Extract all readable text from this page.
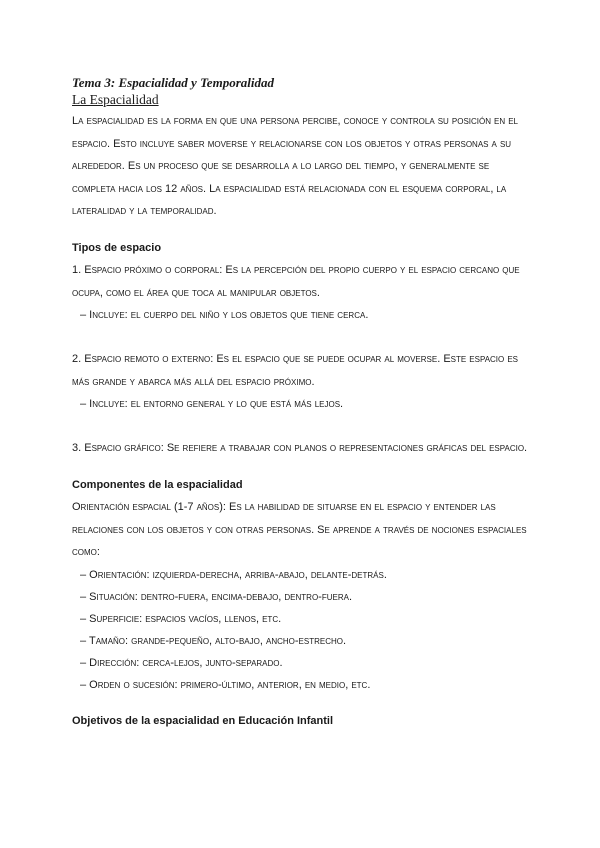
Tema 3: Espacialidad y Temporalidad

La Espacialidad

La espacialidad es la forma en que una persona percibe, conoce y controla su posición en el espacio. Esto incluye saber moverse y relacionarse con los objetos y otras personas a su alrededor. Es un proceso que se desarrolla a lo largo del tiempo, y generalmente se completa hacia los 12 años. La espacialidad está relacionada con el esquema corporal, la lateralidad y la temporalidad.

Tipos de espacio

1. Espacio próximo o corporal: Es la percepción del propio cuerpo y el espacio cercano que ocupa, como el área que toca al manipular objetos.

– Incluye: el cuerpo del niño y los objetos que tiene cerca.

2. Espacio remoto o externo: Es el espacio que se puede ocupar al moverse. Este espacio es más grande y abarca más allá del espacio próximo.

– Incluye: el entorno general y lo que está más lejos.

3. Espacio gráfico: Se refiere a trabajar con planos o representaciones gráficas del espacio.

Componentes de la espacialidad

Orientación espacial (1-7 años): Es la habilidad de situarse en el espacio y entender las relaciones con los objetos y con otras personas. Se aprende a través de nociones espaciales como:

– Orientación: izquierda-derecha, arriba-abajo, delante-detrás.

– Situación: dentro-fuera, encima-debajo, dentro-fuera.

– Superficie: espacios vacíos, llenos, etc.

– Tamaño: grande-pequeño, alto-bajo, ancho-estrecho.

– Dirección: cerca-lejos, junto-separado.

– Orden o sucesión: primero-último, anterior, en medio, etc.

Objetivos de la espacialidad en Educación Infantil
